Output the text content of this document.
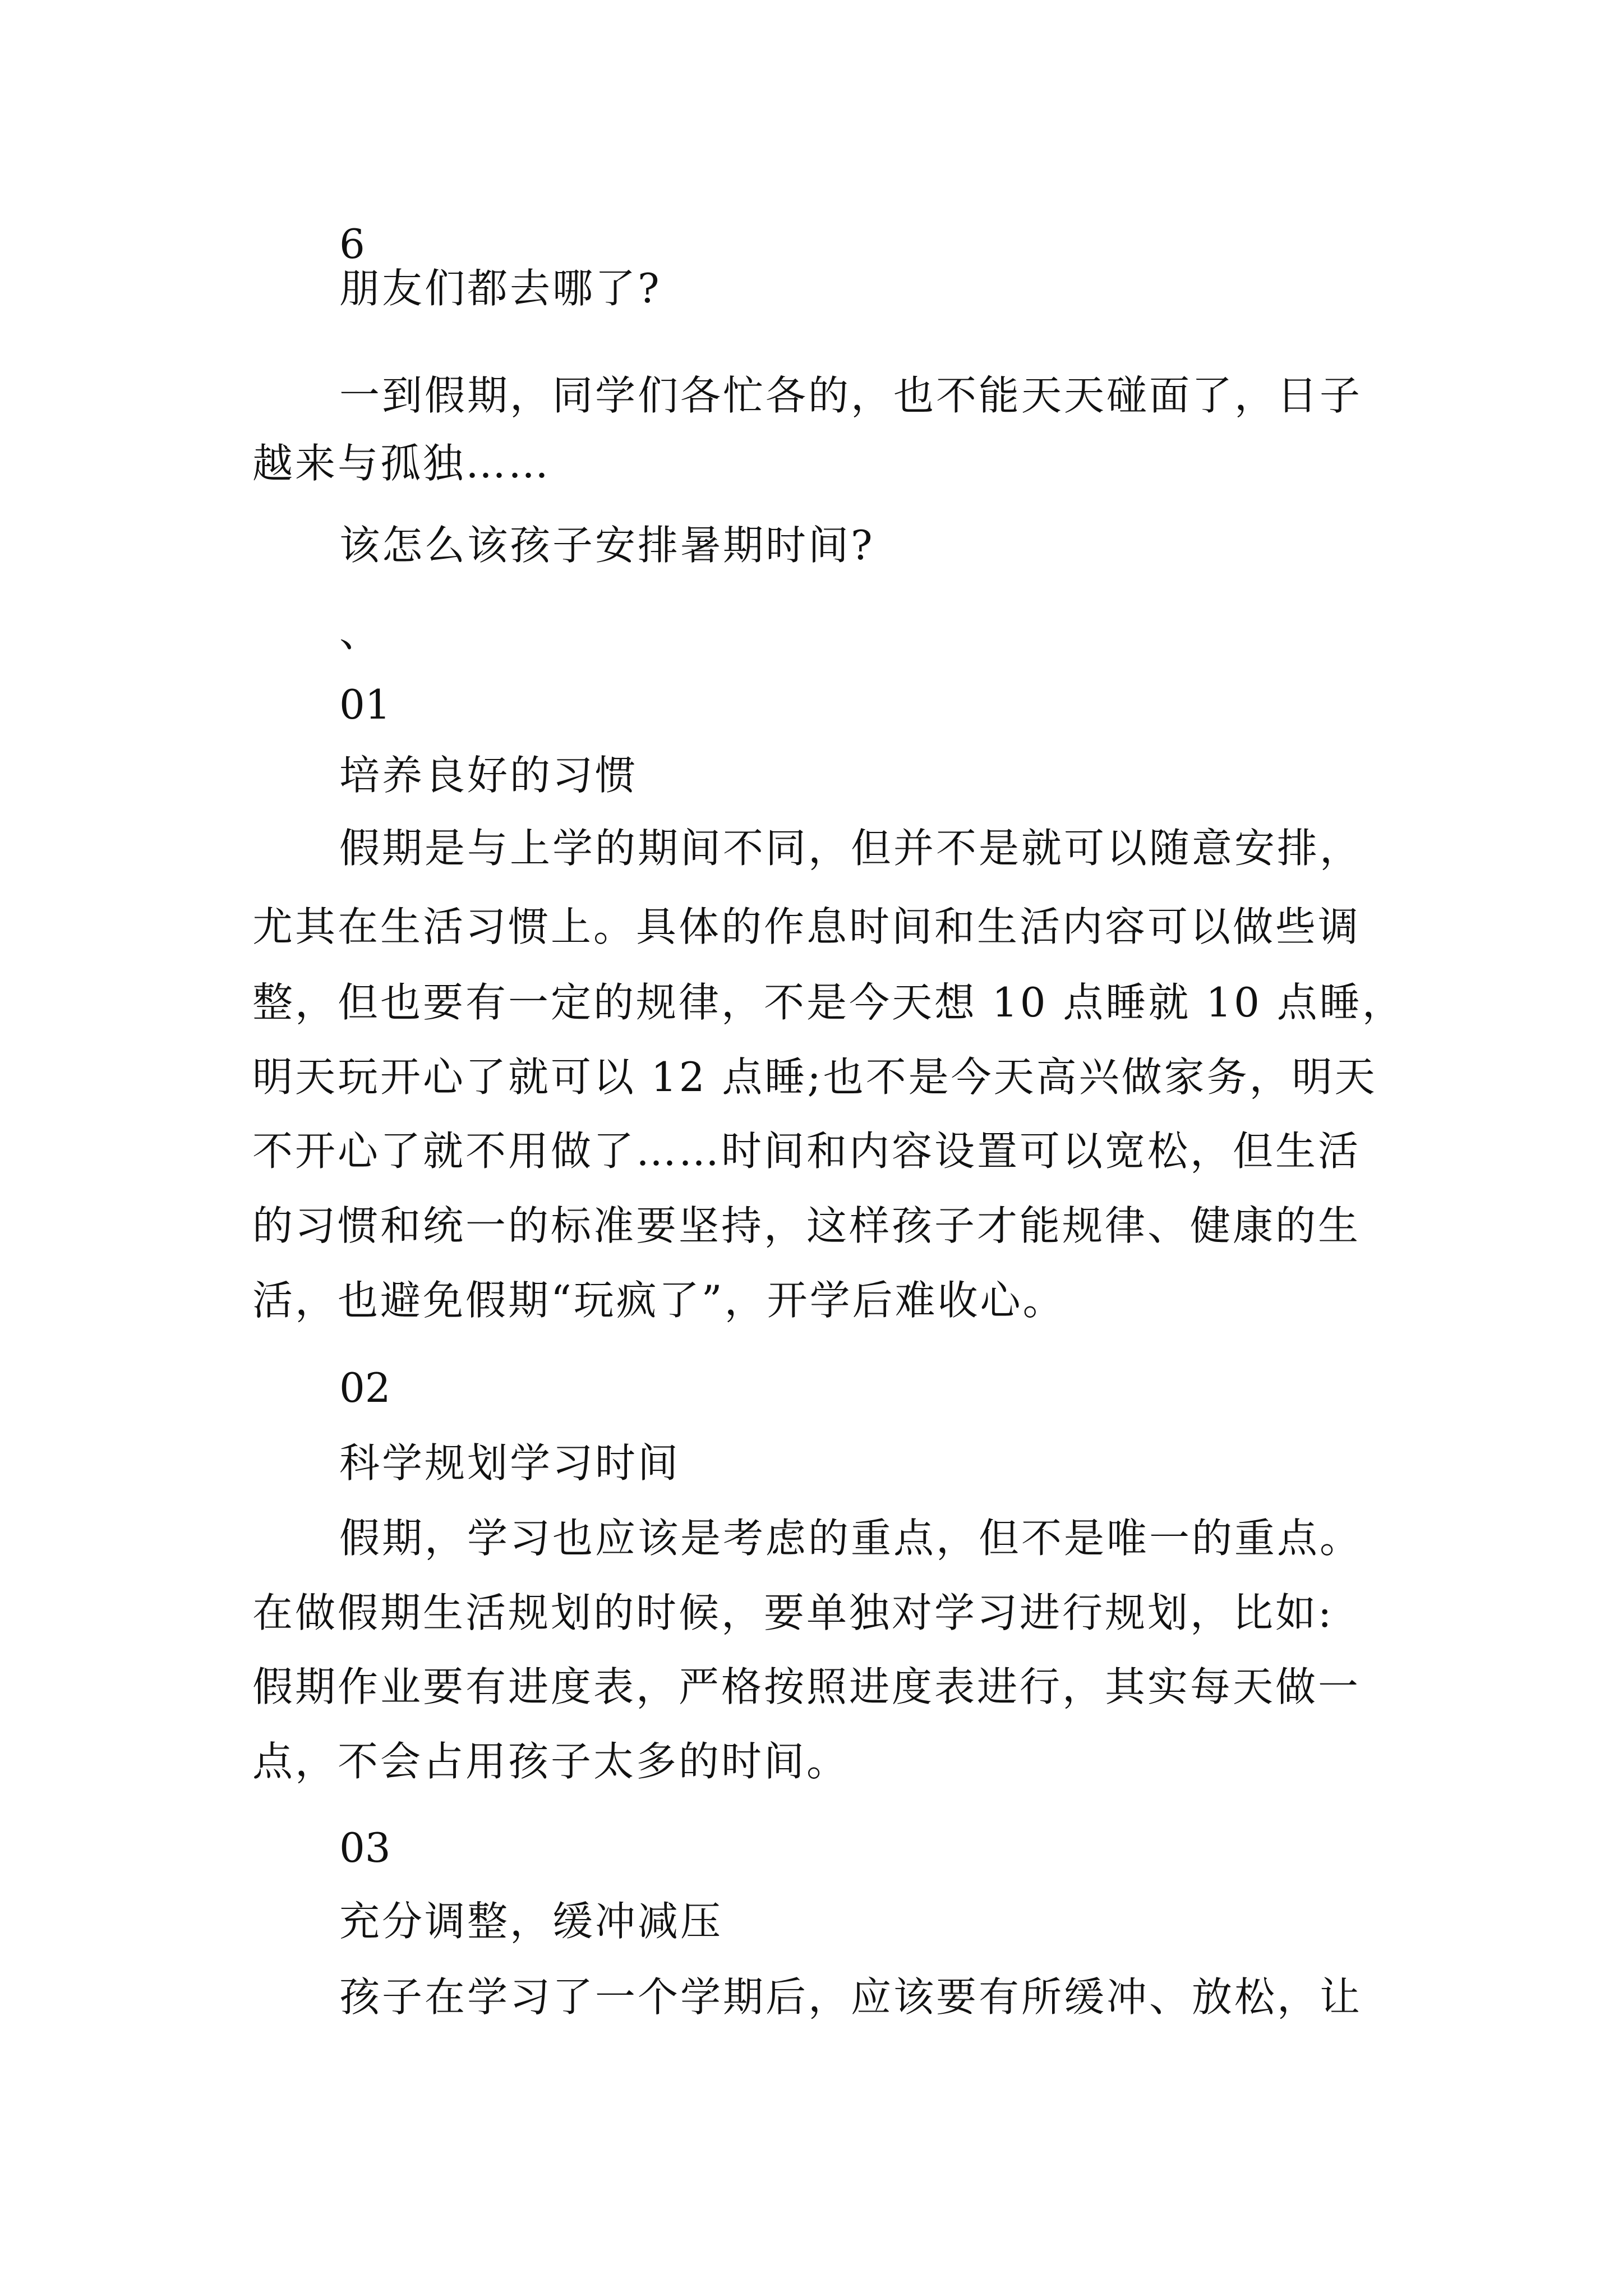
6
朋友们都去哪了?
一到假期，同学们各忙各的，也不能天天碰面了，日子
越来与孤独……
该怎么该孩子安排暑期时间?
、
01
培养良好的习惯
假期是与上学的期间不同，但并不是就可以随意安排，
尤其在生活习惯上。具体的作息时间和生活内容可以做些调
整，但也要有一定的规律，不是今天想 10 点睡就 10 点睡，
明天玩开心了就可以 12 点睡;也不是今天高兴做家务，明天
不开心了就不用做了……时间和内容设置可以宽松，但生活
的习惯和统一的标准要坚持，这样孩子才能规律、健康的生
活，也避免假期“玩疯了”，开学后难收心。
02
科学规划学习时间
假期，学习也应该是考虑的重点，但不是唯一的重点。
在做假期生活规划的时候，要单独对学习进行规划，比如:
假期作业要有进度表，严格按照进度表进行，其实每天做一
点，不会占用孩子太多的时间。
03
充分调整，缓冲减压
孩子在学习了一个学期后，应该要有所缓冲、放松，让
